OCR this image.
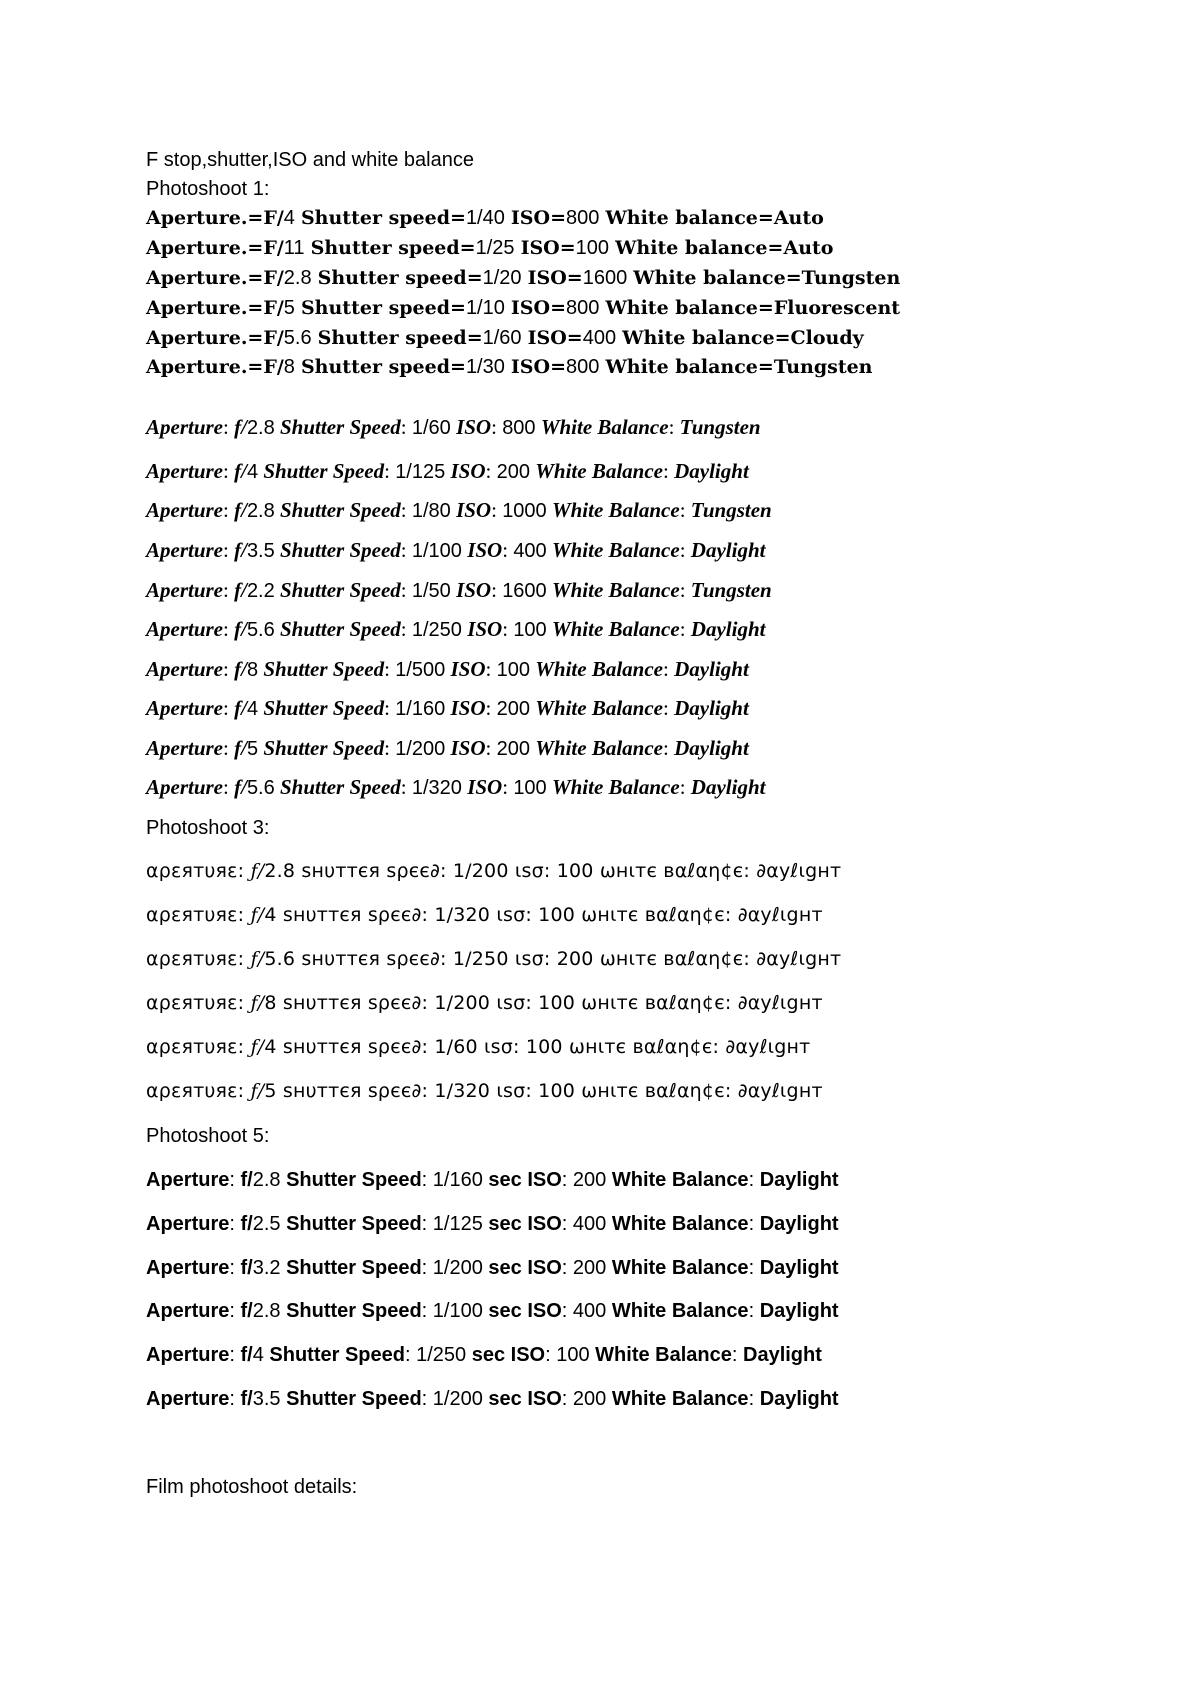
F stop,shutter,ISO and white balance
Photoshoot 1:
Aperture.=F/4 Shutter speed=1/40 ISO=800 White balance=Auto
Aperture.=F/11 Shutter speed=1/25 ISO=100 White balance=Auto
Aperture.=F/2.8 Shutter speed=1/20 ISO=1600 White balance=Tungsten
Aperture.=F/5 Shutter speed=1/10 ISO=800 White balance=Fluorescent
Aperture.=F/5.6 Shutter speed=1/60 ISO=400 White balance=Cloudy
Aperture.=F/8 Shutter speed=1/30 ISO=800 White balance=Tungsten
Aperture: f/2.8 Shutter Speed: 1/60 ISO: 800 White Balance: Tungsten
Aperture: f/4 Shutter Speed: 1/125 ISO: 200 White Balance: Daylight
Aperture: f/2.8 Shutter Speed: 1/80 ISO: 1000 White Balance: Tungsten
Aperture: f/3.5 Shutter Speed: 1/100 ISO: 400 White Balance: Daylight
Aperture: f/2.2 Shutter Speed: 1/50 ISO: 1600 White Balance: Tungsten
Aperture: f/5.6 Shutter Speed: 1/250 ISO: 100 White Balance: Daylight
Aperture: f/8 Shutter Speed: 1/500 ISO: 100 White Balance: Daylight
Aperture: f/4 Shutter Speed: 1/160 ISO: 200 White Balance: Daylight
Aperture: f/5 Shutter Speed: 1/200 ISO: 200 White Balance: Daylight
Aperture: f/5.6 Shutter Speed: 1/320 ISO: 100 White Balance: Daylight
Photoshoot 3:
αρεятυяε: ƒ/2.8 ѕнυттєя ѕρєє∂: 1/200 ιѕσ: 100 ωнιтє вαℓαη¢є: ∂αуℓιgнт
αρεятυяε: ƒ/4 ѕнυттєя ѕρєє∂: 1/320 ιѕσ: 100 ωнιтє вαℓαη¢є: ∂αуℓιgнт
αρεятυяε: ƒ/5.6 ѕнυттєя ѕρєє∂: 1/250 ιѕσ: 200 ωнιтє вαℓαη¢є: ∂αуℓιgнт
αρεятυяε: ƒ/8 ѕнυттєя ѕρєє∂: 1/200 ιѕσ: 100 ωнιтє вαℓαη¢є: ∂αуℓιgнт
αρεятυяε: ƒ/4 ѕнυттєя ѕρєє∂: 1/60 ιѕσ: 100 ωнιтє вαℓαη¢є: ∂αуℓιgнт
αρεятυяε: ƒ/5 ѕнυттєя ѕρєє∂: 1/320 ιѕσ: 100 ωнιтє вαℓαη¢є: ∂αуℓιgнт
Photoshoot 5:
Aperture: f/2.8 Shutter Speed: 1/160 sec ISO: 200 White Balance: Daylight
Aperture: f/2.5 Shutter Speed: 1/125 sec ISO: 400 White Balance: Daylight
Aperture: f/3.2 Shutter Speed: 1/200 sec ISO: 200 White Balance: Daylight
Aperture: f/2.8 Shutter Speed: 1/100 sec ISO: 400 White Balance: Daylight
Aperture: f/4 Shutter Speed: 1/250 sec ISO: 100 White Balance: Daylight
Aperture: f/3.5 Shutter Speed: 1/200 sec ISO: 200 White Balance: Daylight
Film photoshoot details:
